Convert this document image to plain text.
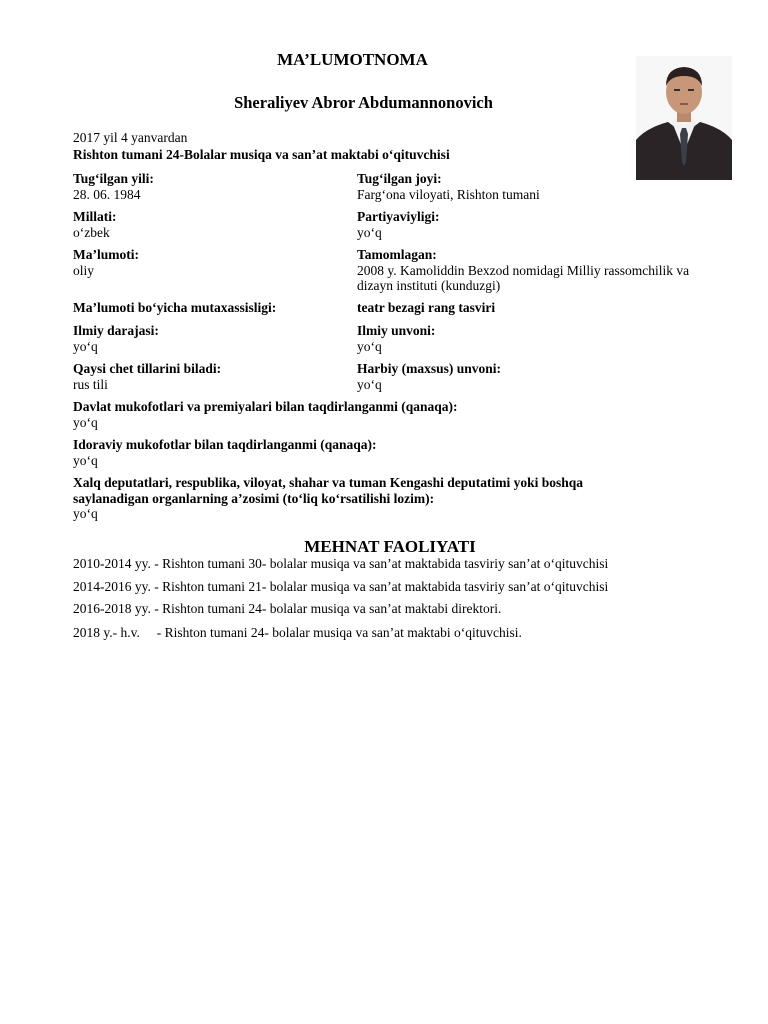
MA’LUMOTNOMA
Sheraliyev Abror Abdumannonovich
2017 yil 4 yanvardan
Rishton tumani 24-Bolalar musiqa va san’at maktabi oʻqituvchisi
Tugʻilgan yili:
28. 06. 1984
Tugʻilgan joyi:
Fargʻona viloyati, Rishton tumani
Millati:
oʻzbek
Partiyaviyligi:
yoʻq
Ma’lumoti:
oliy
Tamomlagan:
2008 y. Kamoliddin Bexzod nomidagi Milliy rassomchilik va dizayn instituti (kunduzgi)
Ma’lumoti boʻyicha mutaxassisligi:	teatr bezagi rang tasviri
Ilmiy darajasi:
yoʻq
Ilmiy unvoni:
yoʻq
Qaysi chet tillarini biladi:
rus tili
Harbiy (maxsus) unvoni:
yoʻq
Davlat mukofotlari va premiyalari bilan taqdirlanganmi (qanaqa):
yoʻq
Idoraviy mukofotlar bilan taqdirlanganmi (qanaqa):
yoʻq
Xalq deputatlari, respublika, viloyat, shahar va tuman Kengashi deputatimi yoki boshqa saylanadigan organlarning a’zosimi (toʻliq koʻrsatilishi lozim):
yoʻq
MEHNAT FAOLIYATI
2010-2014 yy. - Rishton tumani 30- bolalar musiqa va san’at maktabida tasviriy san’at oʻqituvchisi
2014-2016 yy. - Rishton tumani 21- bolalar musiqa va san’at maktabida tasviriy san’at oʻqituvchisi
2016-2018 yy. - Rishton tumani 24- bolalar musiqa va san’at maktabi direktori.
2018 y.- h.v.     - Rishton tumani 24- bolalar musiqa va san’at maktabi oʻqituvchisi.
